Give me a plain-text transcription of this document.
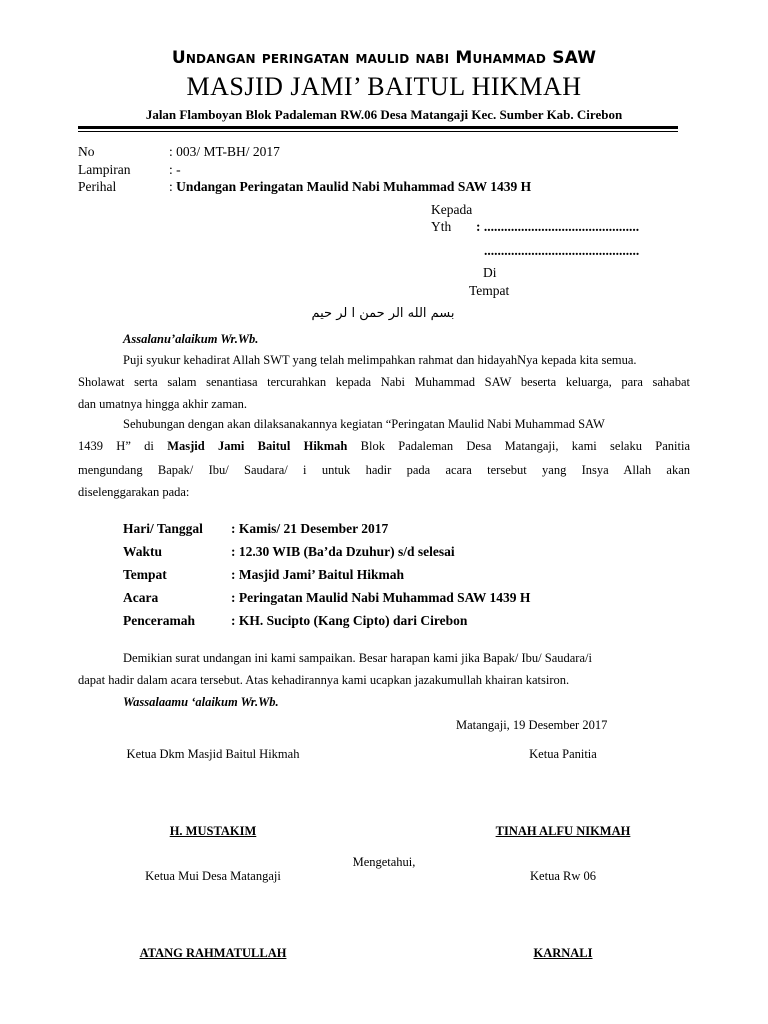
Undangan peringatan maulid nabi Muhammad SAW
MASJID JAMI’ BAITUL HIKMAH
Jalan Flamboyan Blok Padaleman RW.06 Desa Matangaji Kec. Sumber Kab. Cirebon
No	: 003/ MT-BH/ 2017
Lampiran	: -
Perihal	: Undangan Peringatan Maulid Nabi Muhammad SAW 1439 H
Kepada
Yth : ..............................................
..............................................
Di
Tempat
بسم الله الر حمن ا لر حيم
Assalanu’alaikum Wr.Wb.
Puji syukur kehadirat Allah SWT yang telah melimpahkan rahmat dan hidayahNya kepada kita semua.
Sholawat serta salam senantiasa tercurahkan kepada Nabi Muhammad SAW beserta keluarga, para sahabat
dan umatnya hingga akhir zaman.
Sehubungan dengan akan dilaksanakannya kegiatan “Peringatan Maulid Nabi Muhammad SAW
1439 H” di Masjid Jami Baitul Hikmah Blok Padaleman Desa Matangaji, kami selaku Panitia
mengundang Bapak/ Ibu/ Saudara/ i untuk hadir pada acara tersebut yang Insya Allah akan
diselenggarakan pada:
Hari/ Tanggal : Kamis/ 21 Desember 2017
Waktu	: 12.30 WIB (Ba’da Dzuhur) s/d selesai
Tempat	: Masjid Jami’ Baitul Hikmah
Acara	: Peringatan Maulid Nabi Muhammad SAW 1439 H
Penceramah	: KH. Sucipto (Kang Cipto) dari Cirebon
Demikian surat undangan ini kami sampaikan. Besar harapan kami jika Bapak/ Ibu/ Saudara/i
dapat hadir dalam acara tersebut. Atas kehadirannya kami ucapkan jazakumullah khairan katsiron.
Wassalaamu ‘alaikum Wr.Wb.
Matangaji, 19 Desember 2017
Ketua Dkm Masjid Baitul Hikmah	Ketua Panitia
H. MUSTAKIM	TINAH ALFU NIKMAH
Mengetahui,
Ketua Mui Desa Matangaji	Ketua Rw 06
ATANG RAHMATULLAH	KARNALI
